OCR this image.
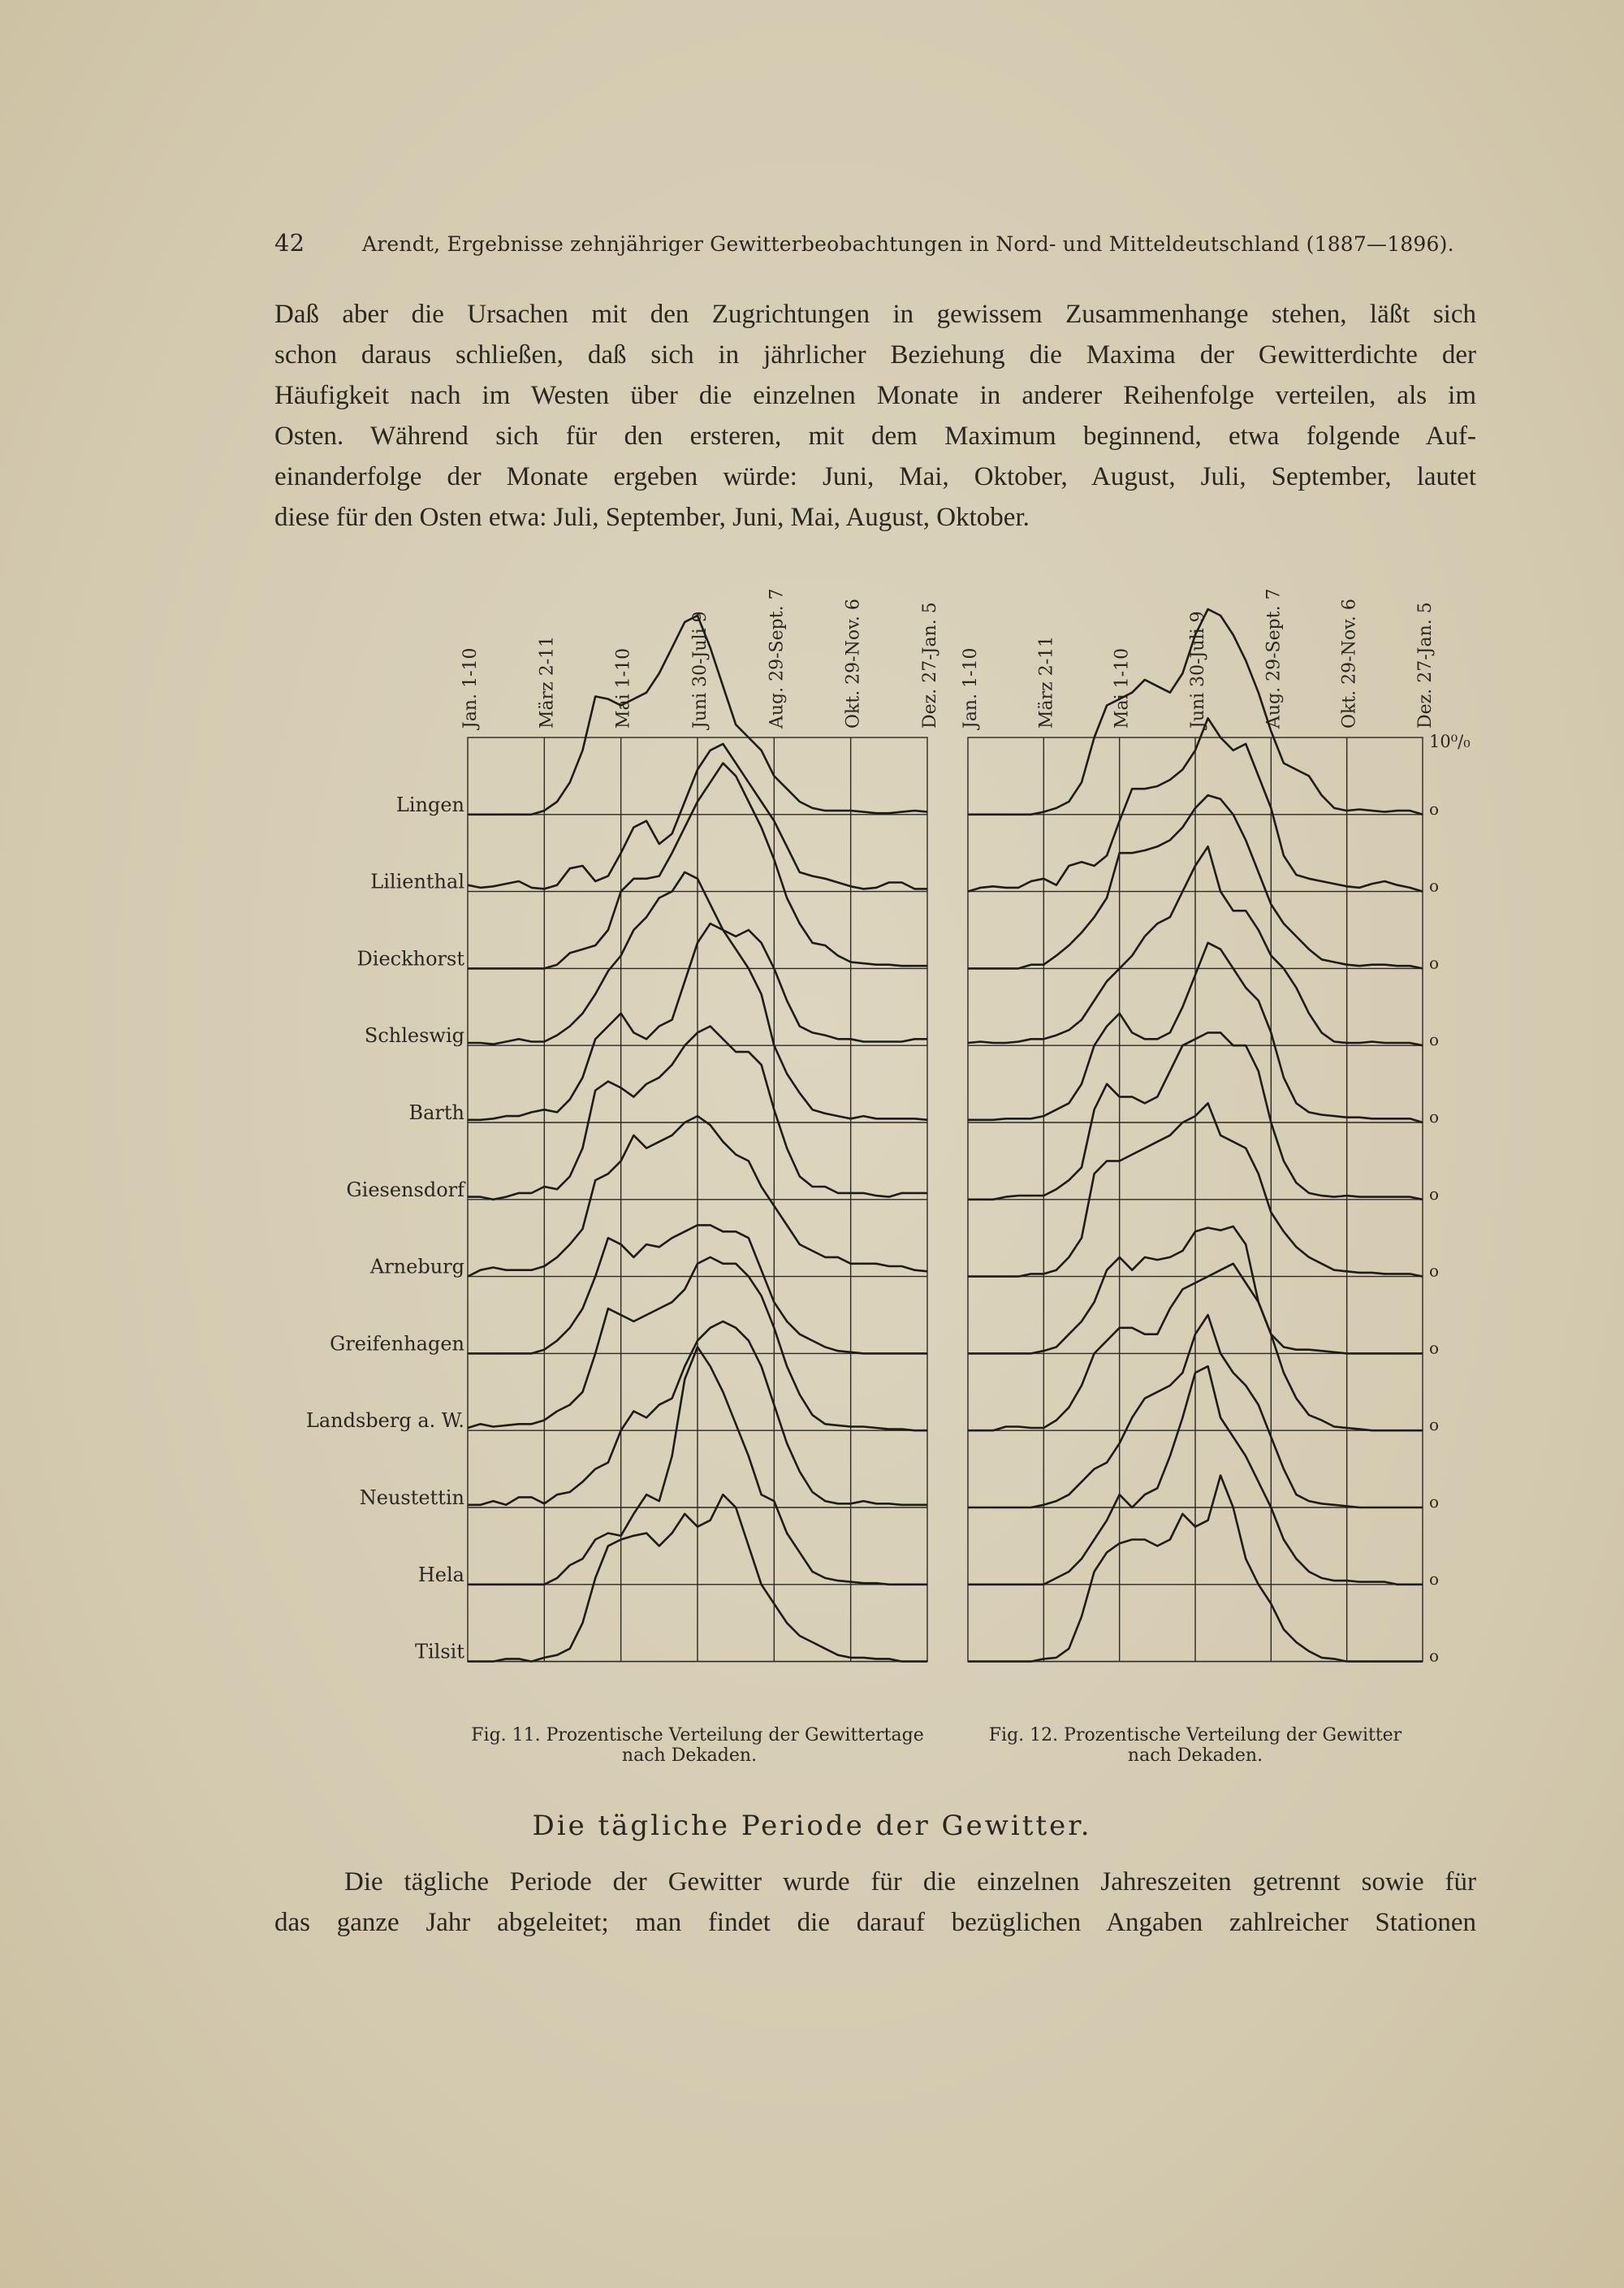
42	Arendt, Ergebnisse zehnjähriger Gewitterbeobachtungen in Nord- und Mitteldeutschland (1887—1896).
Daß aber die Ursachen mit den Zugrichtungen in gewissem Zusammenhange stehen, läßt sich
schon daraus schließen, daß sich in jährlicher Beziehung die Maxima der Gewitterdichte der
Häufigkeit nach im Westen über die einzelnen Monate in anderer Reihenfolge verteilen, als im
Osten. Während sich für den ersteren, mit dem Maximum beginnend, etwa folgende Auf-
einanderfolge der Monate ergeben würde: Juni, Mai, Oktober, August, Juli, September, lautet
diese für den Osten etwa: Juli, September, Juni, Mai, August, Oktober.
Jan. 1-10	März 2-11	Mai 1-10	Juni 30-Juli 9	Aug. 29-Sept. 7	Okt. 29-Nov. 6	Dez. 27-Jan. 5
Fig. 11. Prozentische Verteilung der Gewittertage
nach Dekaden.
Jan. 1-10	März 2-11	Mai 1-10	Juni 30-Juli 9	Aug. 29-Sept. 7	Okt. 29-Nov. 6	Dez. 27-Jan. 5
Fig. 12. Prozentische Verteilung der Gewitter
nach Dekaden.
Lingen	o
Lilienthal	o
Dieckhorst	o
Schleswig	o
Barth	o
Giesensdorf	o
Arneburg	o
Greifenhagen	o
Landsberg a. W.	o
Neustettin	o
Hela	o
Tilsit	o
10⁰/₀
Die tägliche Periode der Gewitter.
Die tägliche Periode der Gewitter wurde für die einzelnen Jahreszeiten getrennt sowie für
das ganze Jahr abgeleitet; man findet die darauf bezüglichen Angaben zahlreicher Stationen
